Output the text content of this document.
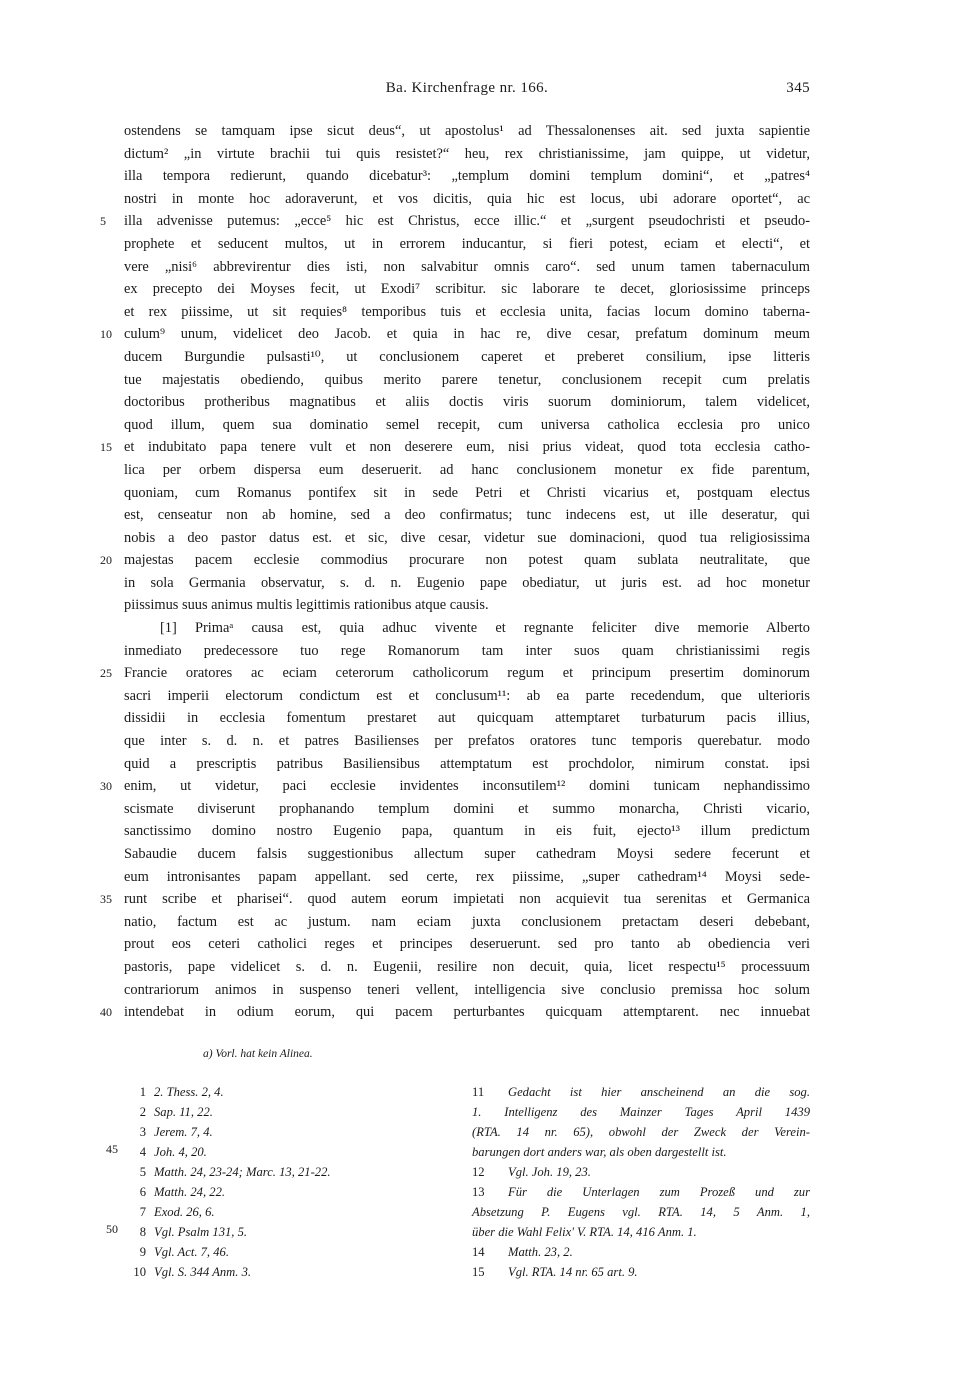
Ba. Kirchenfrage nr. 166.	345
ostendens se tamquam ipse sicut deus“, ut apostolus¹ ad Thessalonenses ait. sed juxta sapientie
dictum² „in virtute brachii tui quis resistet?“ heu, rex christianissime, jam quippe, ut videtur,
illa tempora redierunt, quando dicebatur³: „templum domini templum domini“, et „patres⁴
nostri in monte hoc adoraverunt, et vos dicitis, quia hic est locus, ubi adorare oportet“, ac
illa advenisse putemus: „ecce⁵ hic est Christus, ecce illic.“ et „surgent pseudochristi et pseudo-
5
prophete et seducent multos, ut in errorem inducantur, si fieri potest, eciam et electi“, et
vere „nisi⁶ abbrevirentur dies isti, non salvabitur omnis caro“. sed unum tamen tabernaculum
ex precepto dei Moyses fecit, ut Exodi⁷ scribitur. sic laborare te decet, gloriosissime princeps
et rex piissime, ut sit requies⁸ temporibus tuis et ecclesia unita, facias locum domino taberna-
culum⁹ unum, videlicet deo Jacob. et quia in hac re, dive cesar, prefatum dominum meum
10
ducem Burgundie pulsasti¹⁰, ut conclusionem caperet et preberet consilium, ipse litteris
tue majestatis obediendo, quibus merito parere tenetur, conclusionem recepit cum prelatis
doctoribus protheribus magnatibus et aliis doctis viris suorum dominiorum, talem videlicet,
quod illum, quem sua dominatio semel recepit, cum universa catholica ecclesia pro unico
et indubitato papa tenere vult et non deserere eum, nisi prius videat, quod tota ecclesia catho-
15
lica per orbem dispersa eum deseruerit. ad hanc conclusionem monetur ex fide parentum,
quoniam, cum Romanus pontifex sit in sede Petri et Christi vicarius et, postquam electus
est, censeatur non ab homine, sed a deo confirmatus; tunc indecens est, ut ille deseratur, qui
nobis a deo pastor datus est. et sic, dive cesar, videtur sue dominacioni, quod tua religiosissima
majestas pacem ecclesie commodius procurare non potest quam sublata neutralitate, que
20
in sola Germania observatur, s. d. n. Eugenio pape obediatur, ut juris est. ad hoc monetur
piissimus suus animus multis legittimis rationibus atque causis.
[1] Primaᵃ causa est, quia adhuc vivente et regnante feliciter dive memorie Alberto
inmediato predecessore tuo rege Romanorum tam inter suos quam christianissimi regis
Francie oratores ac eciam ceterorum catholicorum regum et principum presertim dominorum
25
sacri imperii electorum condictum est et conclusum¹¹: ab ea parte recedendum, que ulterioris
dissidii in ecclesia fomentum prestaret aut quicquam attemptaret turbaturum pacis illius,
que inter s. d. n. et patres Basilienses per prefatos oratores tunc temporis querebatur. modo
quid a prescriptis patribus Basiliensibus attemptatum est prochdolor, nimirum constat. ipsi
enim, ut videtur, paci ecclesie invidentes inconsutilem¹² domini tunicam nephandissimo
30
scismate diviserunt prophanando templum domini et summo monarcha, Christi vicario,
sanctissimo domino nostro Eugenio papa, quantum in eis fuit, ejecto¹³ illum predictum
Sabaudie ducem falsis suggestionibus allectum super cathedram Moysi sedere fecerunt et
eum intronisantes papam appellant. sed certe, rex piissime, „super cathedram¹⁴ Moysi sede-
runt scribe et pharisei“. quod autem eorum impietati non acquievit tua serenitas et Germanica
35
natio, factum est ac justum. nam eciam juxta conclusionem pretactam deseri debebant,
prout eos ceteri catholici reges et principes deseruerunt. sed pro tanto ab obediencia veri
pastoris, pape videlicet s. d. n. Eugenii, resilire non decuit, quia, licet respectu¹⁵ processuum
contrariorum animos in suspenso teneri vellent, intelligencia sive conclusio premissa hoc solum
intendebat in odium eorum, qui pacem perturbantes quicquam attemptarent. nec innuebat
40
a) Vorl. hat kein Alinea.
1 2. Thess. 2, 4.
2 Sap. 11, 22.
3 Jerem. 7, 4.
4 Joh. 4, 20.
5 Matth. 24, 23-24; Marc. 13, 21-22.
6 Matth. 24, 22.
7 Exod. 26, 6.
8 Vgl. Psalm 131, 5.
9 Vgl. Act. 7, 46.
10 Vgl. S. 344 Anm. 3.
11 Gedacht ist hier anscheinend an die sog.
1. Intelligenz des Mainzer Tages April 1439
(RTA. 14 nr. 65), obwohl der Zweck der Verein-
barungen dort anders war, als oben dargestellt ist.
12 Vgl. Joh. 19, 23.
13 Für die Unterlagen zum Prozeß und zur
Absetzung P. Eugens vgl. RTA. 14, 5 Anm. 1,
über die Wahl Felix' V. RTA. 14, 416 Anm. 1.
14 Matth. 23, 2.
15 Vgl. RTA. 14 nr. 65 art. 9.
45
50
